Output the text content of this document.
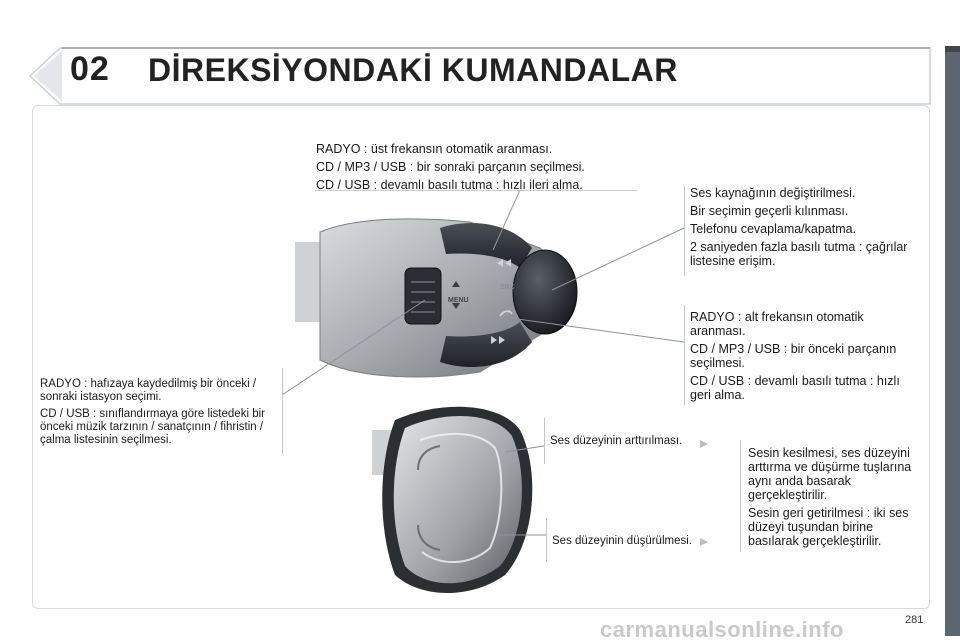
02 DİREKSİYONDAKİ KUMANDALAR
MENU
SRC

RADYO : üst frekansın otomatik aranması.

CD / MP3 / USB : bir sonraki parçanın seçilmesi.

CD / USB : devamlı basılı tutma : hızlı ileri alma.

Ses kaynağının değiştirilmesi.

Bir seçimin geçerli kılınması.

Telefonu cevaplama/kapatma.

2 saniyeden fazla basılı tutma : çağrılar listesine erişim.

RADYO : alt frekansın otomatik aranması.

CD / MP3 / USB : bir önceki parçanın seçilmesi.

CD / USB : devamlı basılı tutma : hızlı geri alma.

RADYO : hafızaya kaydedilmiş bir önceki / sonraki istasyon seçimi.

CD / USB : sınıflandırmaya göre listedeki bir önceki müzik tarzının / sanatçının / fihristin / çalma listesinin seçilmesi.	Ses düzeyinin arttırılması.
Ses düzeyinin düşürülmesi.

Sesin kesilmesi, ses düzeyini arttırma ve düşürme tuşlarına aynı anda basarak gerçekleştirilir.

Sesin geri getirilmesi : iki ses düzeyi tuşundan birine basılarak gerçekleştirilir.

carmanualsonline.info	281
